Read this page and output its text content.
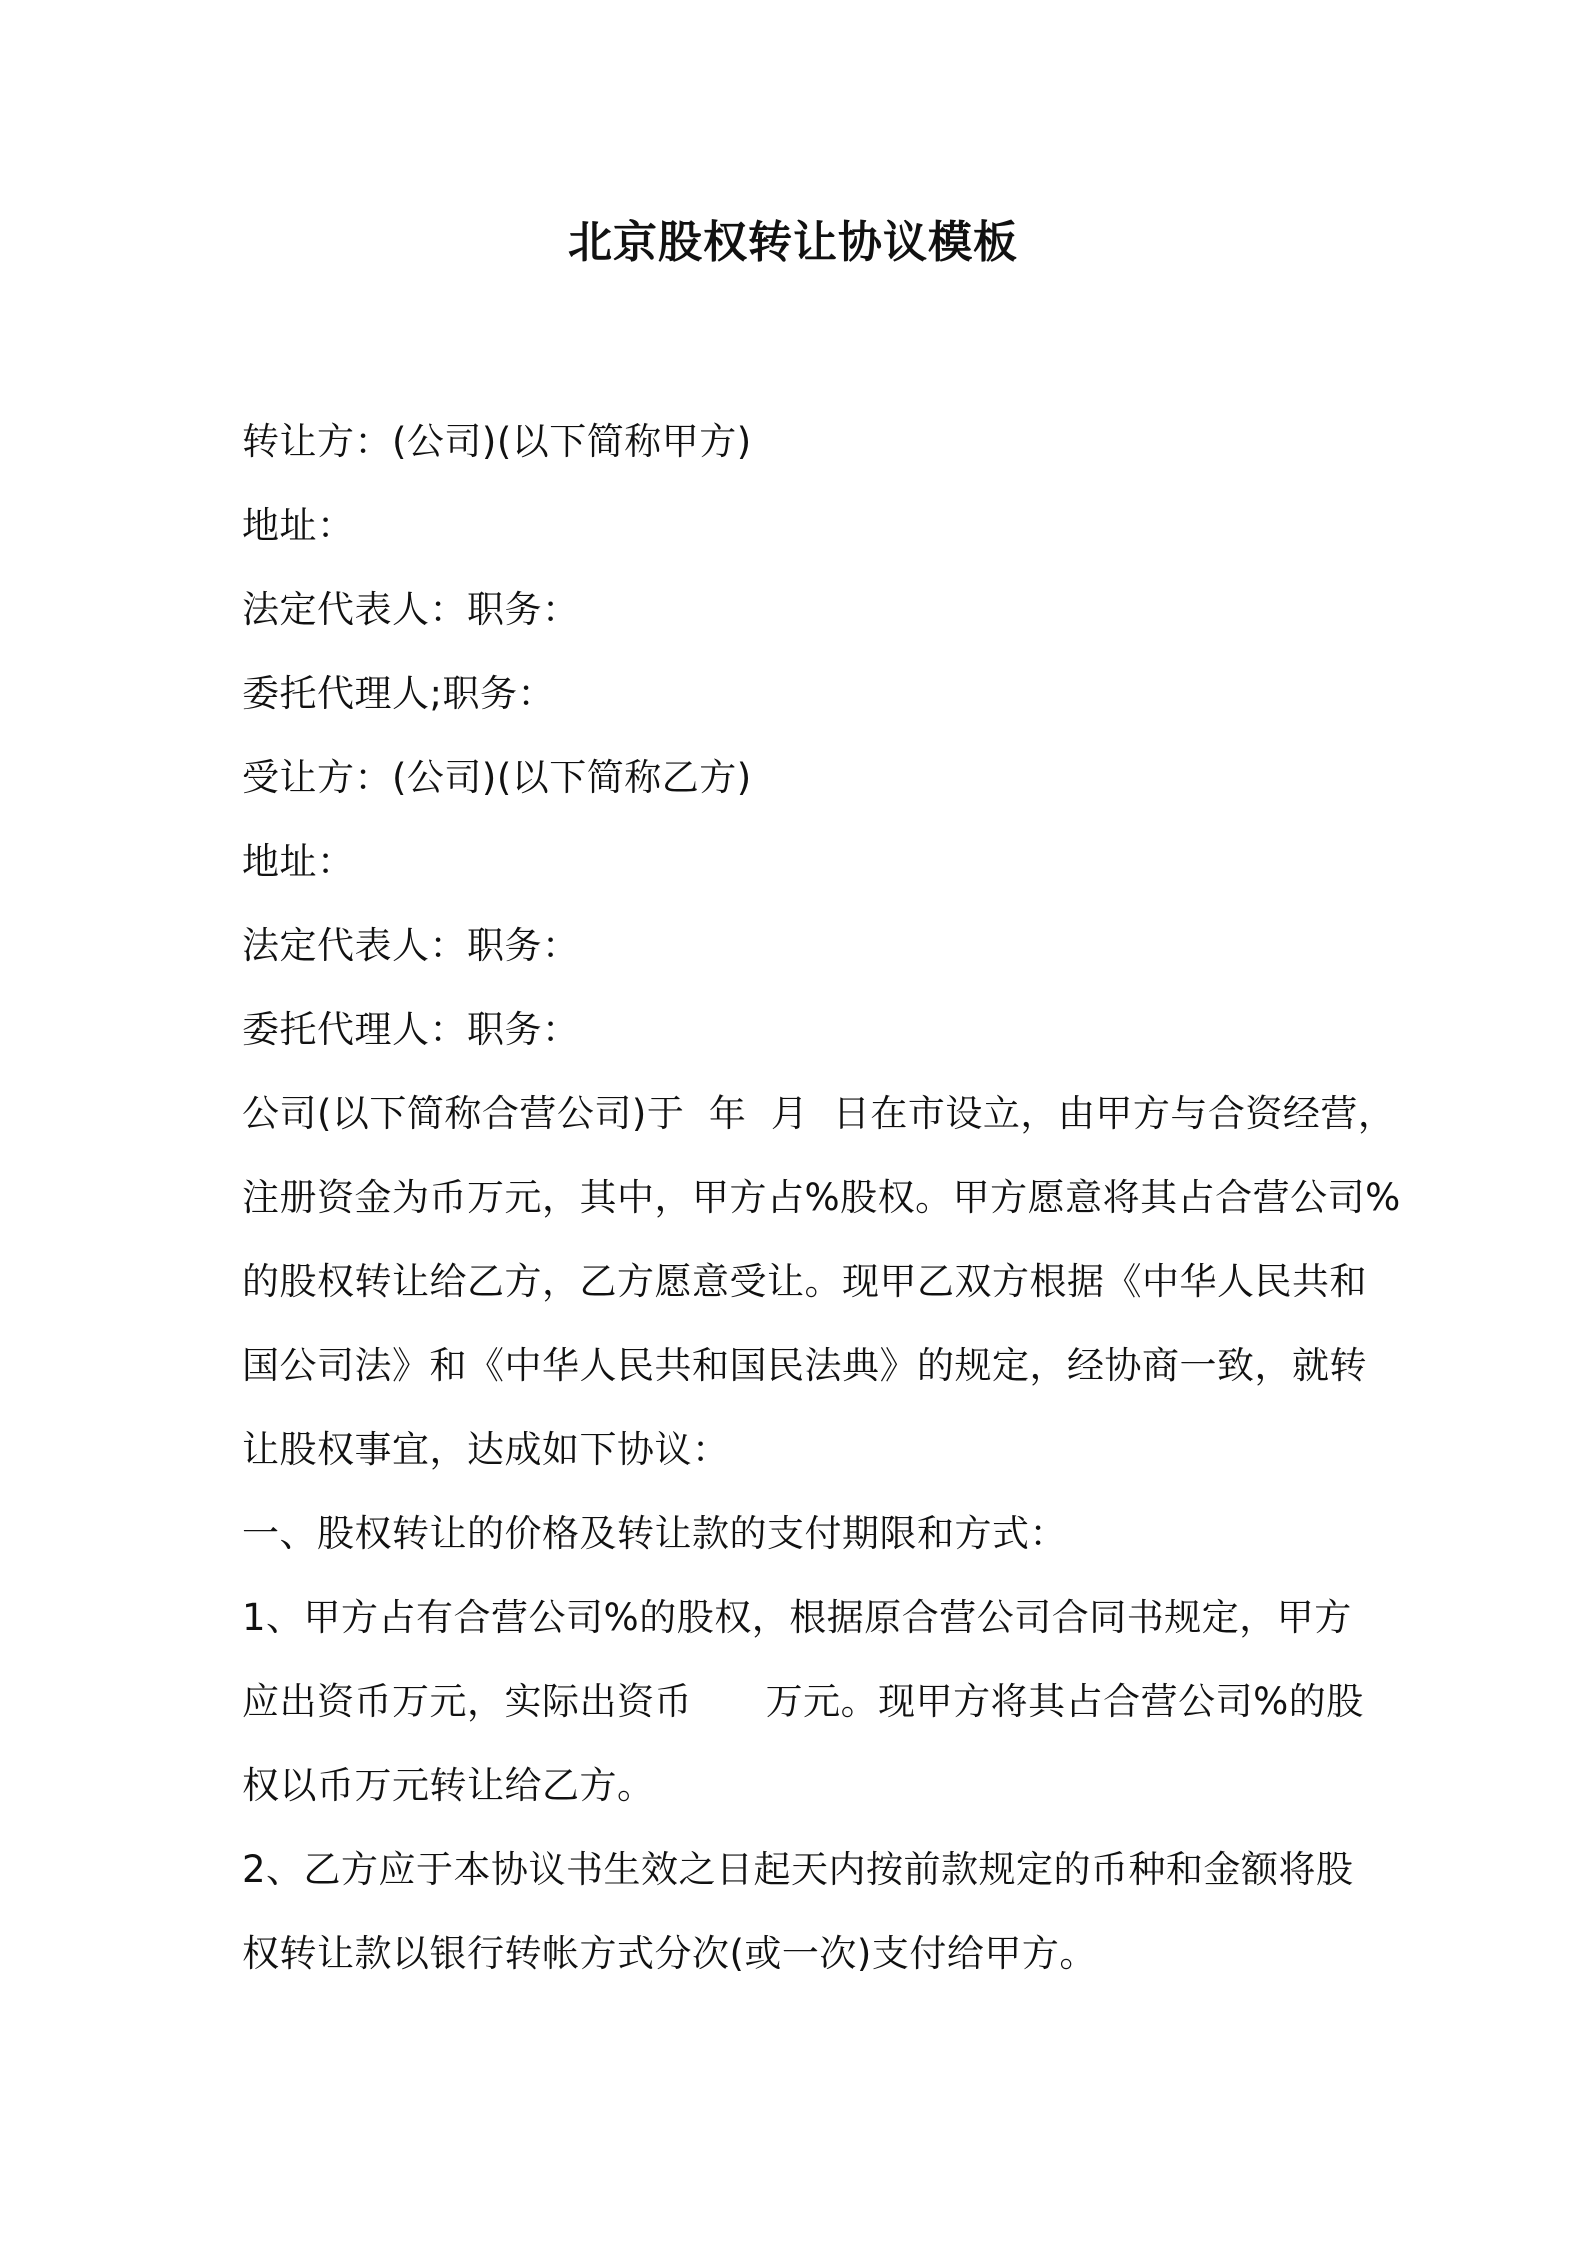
北京股权转让协议模板
转让方：(公司)(以下简称甲方)
地址：
法定代表人：职务：
委托代理人;职务：
受让方：(公司)(以下简称乙方)
地址：
法定代表人：职务：
委托代理人：职务：
公司(以下简称合营公司)于  年  月  日在市设立，由甲方与合资经营，
注册资金为币万元，其中，甲方占%股权。甲方愿意将其占合营公司%
的股权转让给乙方，乙方愿意受让。现甲乙双方根据《中华人民共和
国公司法》和《中华人民共和国民法典》的规定，经协商一致，就转
让股权事宜，达成如下协议：
一、股权转让的价格及转让款的支付期限和方式：
1、甲方占有合营公司%的股权，根据原合营公司合同书规定，甲方
应出资币万元，实际出资币      万元。现甲方将其占合营公司%的股
权以币万元转让给乙方。
2、乙方应于本协议书生效之日起天内按前款规定的币种和金额将股
权转让款以银行转帐方式分次(或一次)支付给甲方。
